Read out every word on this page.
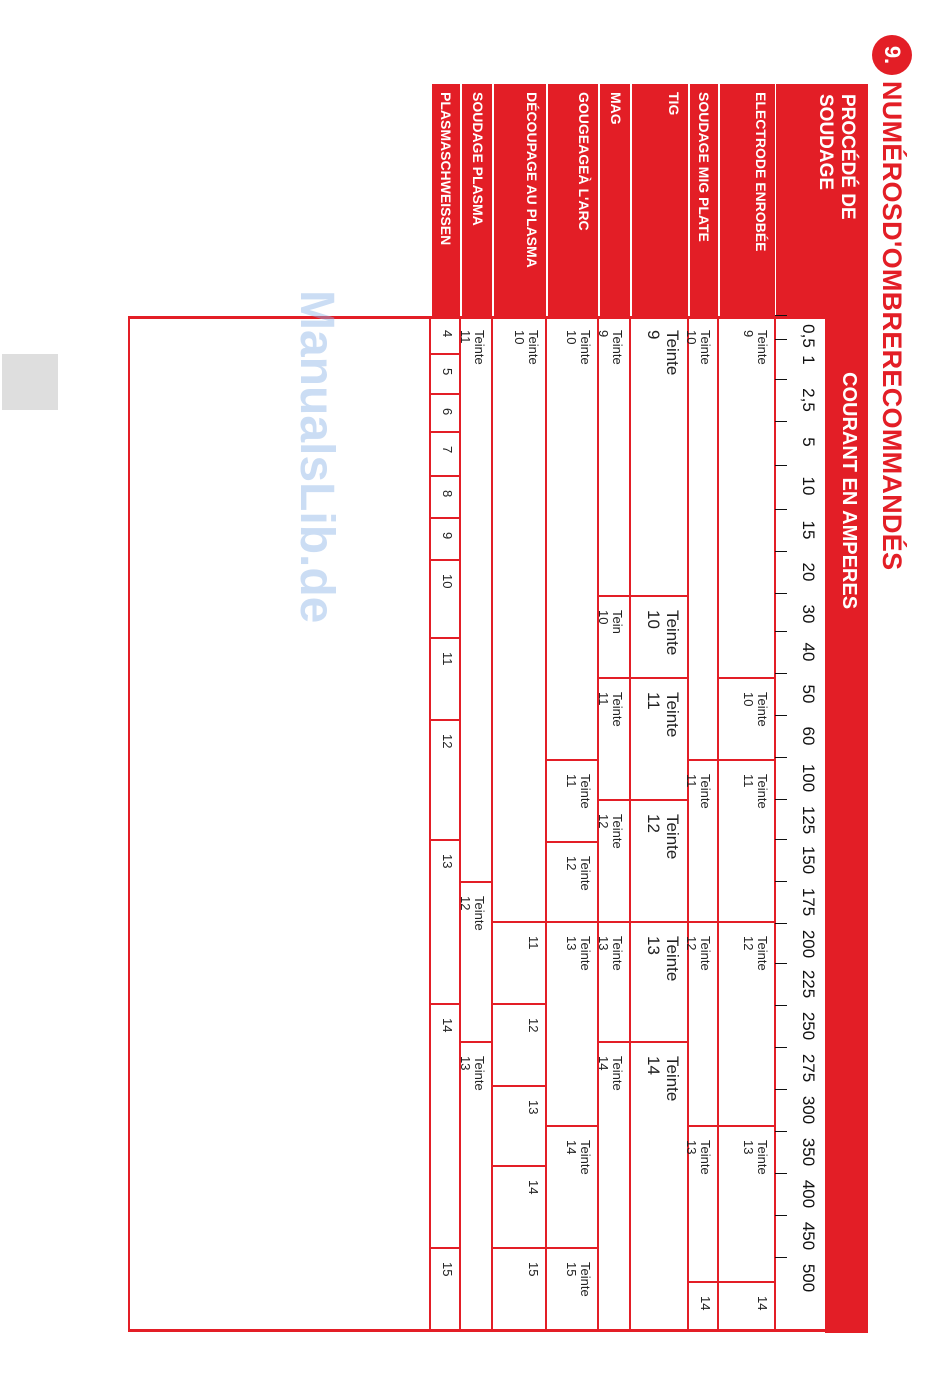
9.
NUMÉROSD'OMBRERECOMMANDÉS
PROCÉDÉ DE SOUDAGE
COURANT EN AMPERES
0,5
1
2,5
5
10
15
20
30
40
50
60
100
125
150
175
200
225
250
275
300
350
400
450
500
ELECTRODE ENROBÉE
Teinte 9
Teinte 10
Teinte 11
Teinte 12
Teinte 13
14
SOUDAGE MIG PLATE
Teinte 10
Teinte 11
Teinte 12
Teinte 13
14
TIG
Teinte 9
Teinte 10
Teinte 11
Teinte 12
Teinte 13
Teinte 14
MAG
Teinte 9
Tein 10
Teinte 11
Teinte 12
Teinte 13
Teinte 14
GOUGEAGEÀ L'ARC
Teinte 10
Teinte 11
Teinte 12
Teinte 13
Teinte 14
Teinte 15
DÉCOUPAGE AU PLASMA
Teinte 10
11
12
13
14
15
SOUDAGE PLASMA
Teinte 11
Teinte 12
Teinte 13
PLASMASCHWEISSEN
4
5
6
7
8
9
10
11
12
13
14
15
ManualsLib.de
